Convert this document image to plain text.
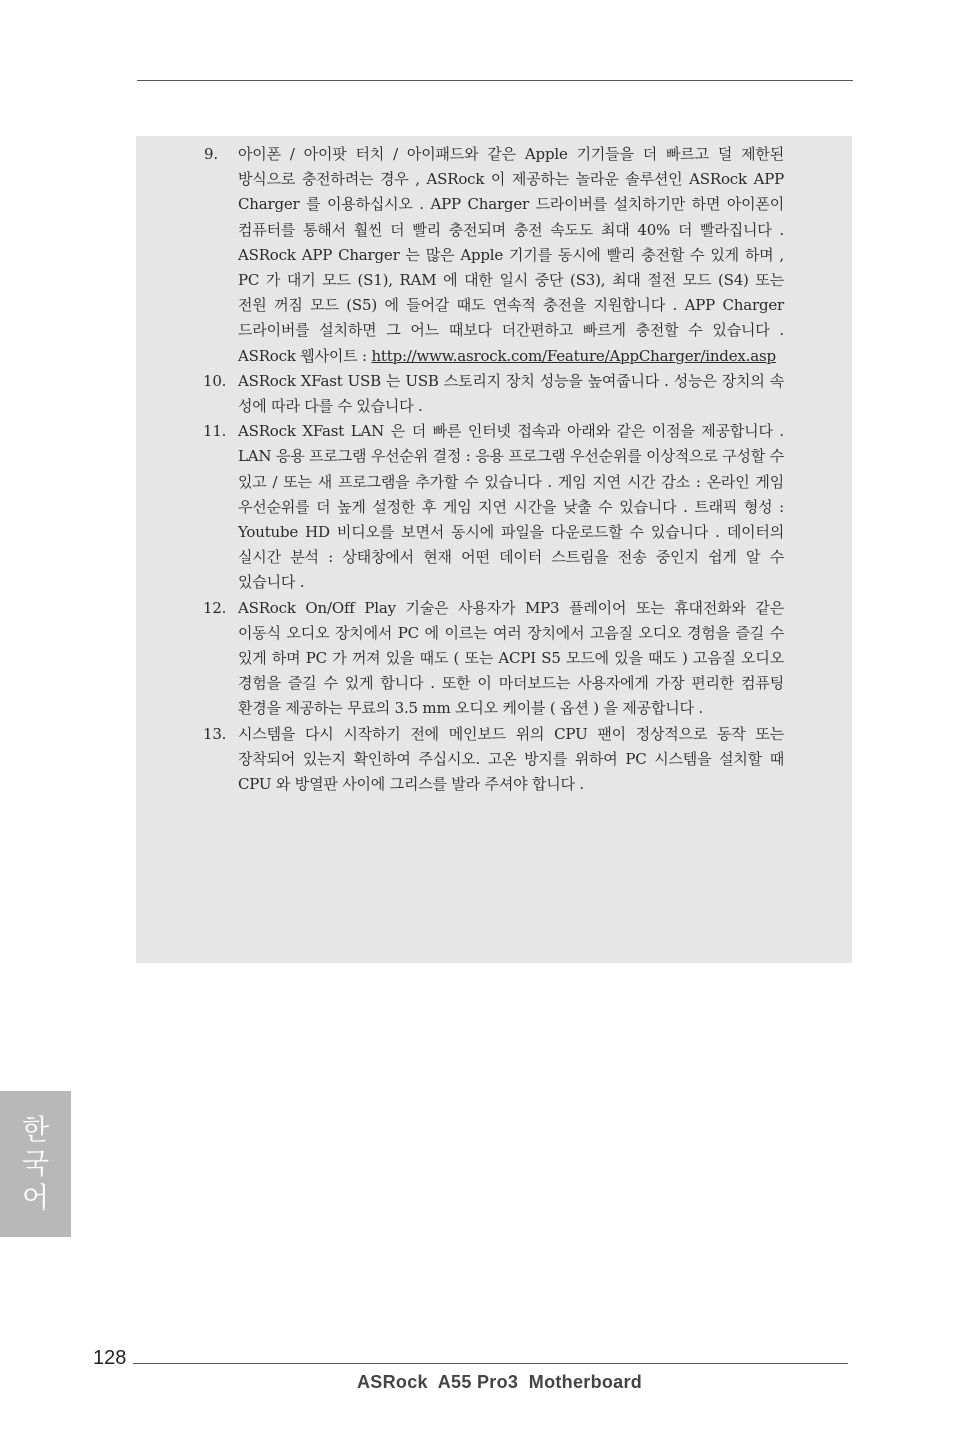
9. 아이폰 / 아이팟 터치 / 아이패드와 같은 Apple 기기들을 더 빠르고 덜 제한된 방식으로 충전하려는 경우 , ASRock 이 제공하는 놀라운 솔루션인 ASRock APP Charger 를 이용하십시오 . APP Charger 드라이버를 설치하기만 하면 아이폰이 컴퓨터를 통해서 훨씬 더 빨리 충전되며 충전 속도도 최대 40% 더 빨라집니다 . ASRock APP Charger 는 많은 Apple 기기를 동시에 빨리 충전할 수 있게 하며 , PC 가 대기 모드 (S1), RAM 에 대한 일시 중단 (S3), 최대 절전 모드 (S4) 또는 전원 꺼짐 모드 (S5) 에 들어갈 때도 연속적 충전을 지원합니다 . APP Charger 드라이버를 설치하면 그 어느 때보다 더간편하고 빠르게 충전할 수 있습니다 . ASRock 웹사이트 : http://www.asrock.com/Feature/AppCharger/index.asp
10. ASRock XFast USB 는 USB 스토리지 장치 성능을 높여줍니다 . 성능은 장치의 속 성에 따라 다를 수 있습니다 .
11. ASRock XFast LAN 은 더 빠른 인터넷 접속과 아래와 같은 이점을 제공합니다 . LAN 응용 프로그램 우선순위 결정 : 응용 프로그램 우선순위를 이상적으로 구성할 수 있고 / 또는 새 프로그램을 추가할 수 있습니다 . 게임 지연 시간 감소 : 온라인 게임 우선순위를 더 높게 설정한 후 게임 지연 시간을 낮출 수 있습니다 . 트래픽 형성 : Youtube HD 비디오를 보면서 동시에 파일을 다운로드할 수 있습니다 . 데이터의 실시간 분석 : 상태창에서 현재 어떤 데이터 스트림을 전송 중인지 쉽게 알 수 있습니다 .
12. ASRock On/Off Play 기술은 사용자가 MP3 플레이어 또는 휴대전화와 같은 이동식 오디오 장치에서 PC 에 이르는 여러 장치에서 고음질 오디오 경험을 즐길 수 있게 하며 PC 가 꺼져 있을 때도 ( 또는 ACPI S5 모드에 있을 때도 ) 고음질 오디오 경험을 즐길 수 있게 합니다 . 또한 이 마더보드는 사용자에게 가장 편리한 컴퓨팅 환경을 제공하는 무료의 3.5 mm 오디오 케이블 ( 옵션 ) 을 제공합니다 .
13. 시스템을 다시 시작하기 전에 메인보드 위의 CPU 팬이 정상적으로 동작 또는 장착되어 있는지 확인하여 주십시오. 고온 방지를 위하여 PC 시스템을 설치할 때 CPU 와 방열판 사이에 그리스를 발라 주셔야 합니다 .
한
국
어
128
ASRock  A55 Pro3  Motherboard
